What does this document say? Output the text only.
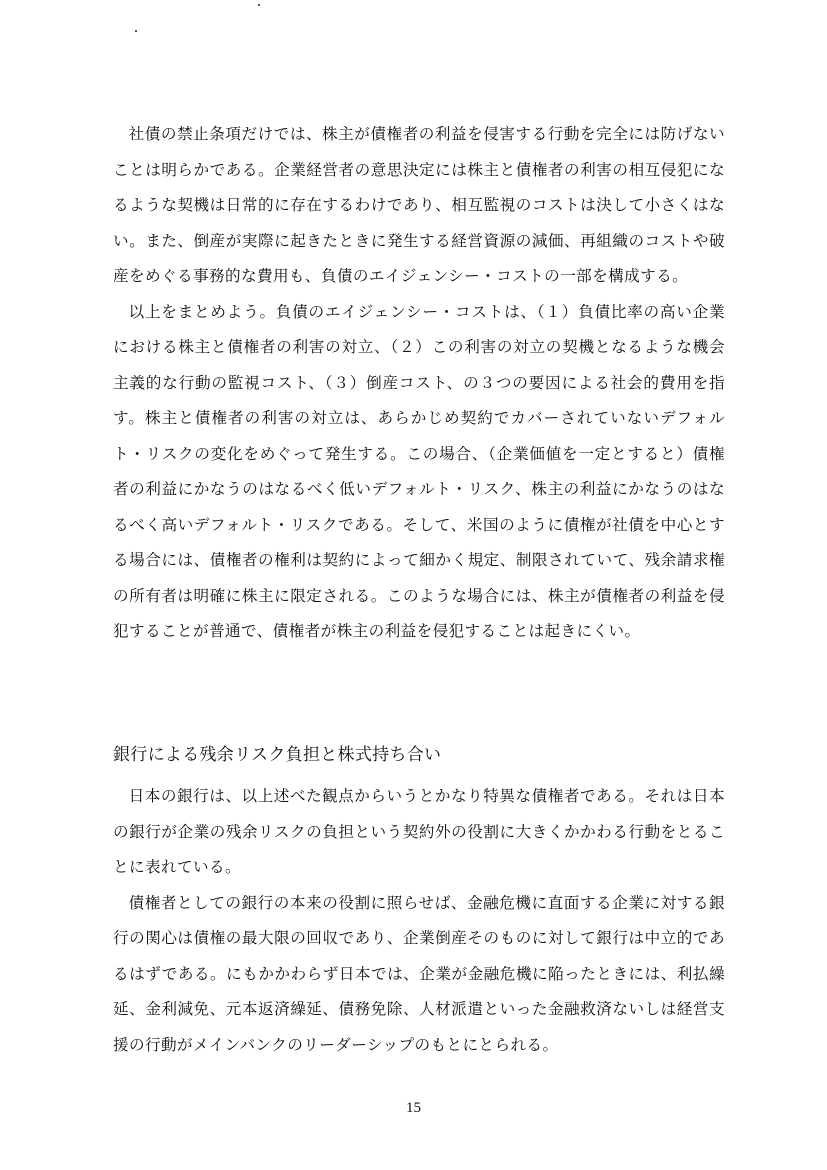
社債の禁止条項だけでは、株主が債権者の利益を侵害する行動を完全には防げないことは明らかである。企業経営者の意思決定には株主と債権者の利害の相互侵犯になるような契機は日常的に存在するわけであり、相互監視のコストは決して小さくはない。また、倒産が実際に起きたときに発生する経営資源の減価、再組織のコストや破産をめぐる事務的な費用も、負債のエイジェンシー・コストの一部を構成する。

以上をまとめよう。負債のエイジェンシー・コストは、（１）負債比率の高い企業における株主と債権者の利害の対立、（２）この利害の対立の契機となるような機会主義的な行動の監視コスト、（３）倒産コスト、の３つの要因による社会的費用を指す。株主と債権者の利害の対立は、あらかじめ契約でカバーされていないデフォルト・リスクの変化をめぐって発生する。この場合、（企業価値を一定とすると）債権者の利益にかなうのはなるべく低いデフォルト・リスク、株主の利益にかなうのはなるべく高いデフォルト・リスクである。そして、米国のように債権が社債を中心とする場合には、債権者の権利は契約によって細かく規定、制限されていて、残余請求権の所有者は明確に株主に限定される。このような場合には、株主が債権者の利益を侵犯することが普通で、債権者が株主の利益を侵犯することは起きにくい。

銀行による残余リスク負担と株式持ち合い

日本の銀行は、以上述べた観点からいうとかなり特異な債権者である。それは日本の銀行が企業の残余リスクの負担という契約外の役割に大きくかかわる行動をとることに表れている。

債権者としての銀行の本来の役割に照らせば、金融危機に直面する企業に対する銀行の関心は債権の最大限の回収であり、企業倒産そのものに対して銀行は中立的であるはずである。にもかかわらず日本では、企業が金融危機に陥ったときには、利払繰延、金利減免、元本返済繰延、債務免除、人材派遣といった金融救済ないしは経営支援の行動がメインバンクのリーダーシップのもとにとられる。

15
